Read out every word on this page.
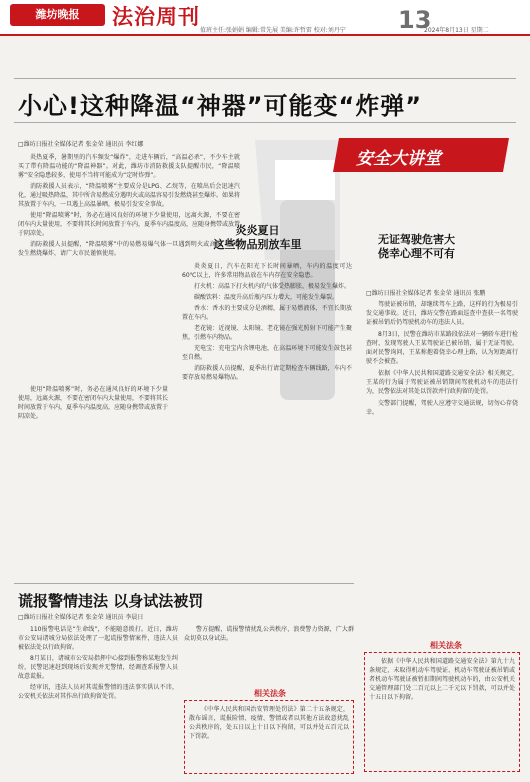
潍坊晚报	法治周刊	13
值班主任:张娟娟 编辑:常先展 美编:许哲雷 校对:刘丹宁	2024年8月13日 星期二
小心!这种降温“神器”可能变“炸弹”
□潍坊日报社全媒体记者 张金荣 通讯员 李红娜
安全大讲堂

炎热夏季，暑期里的汽车频发“爆炸”，走进车辆后，“高温必杀”，不少车主就买了带有降温功能的“降温神器”。对此，潍坊市消防救援支队提醒市民，“降温喷雾”安全隐患较多，使用不当将可能成为“定时炸弹”。

消防救援人员表示，“降温喷雾”主要成分是LPG、乙烷等，在喷出后会迅速汽化，通过吸热降温，其中所含易燃成分遇明火或高温容易引发燃烧甚至爆炸。如果将其放置于车内，一旦遇上高温暴晒，极易引发安全事故。

使用“降温喷雾”时，务必在通风良好的环境下少量使用，远离火源，不要在密闭车内大量使用，不要将其长时间放置于车内，夏季车内温度高，应随身携带或放置于阴凉处。

消防救援人员提醒，“降温喷雾”中的易燃易爆气体一旦遇到明火或高温，极易发生燃烧爆炸，请广大市民谨慎使用。

使用“降温喷雾”时，务必在通风良好的环境下少量使用，远离火源，不要在密闭车内大量使用，不要将其长时间放置于车内，夏季车内温度高，应随身携带或放置于阴凉处。

炎炎夏日
这些物品别放车里

炎炎夏日，汽车在阳光下长时间暴晒，车内的温度可达60℃以上，许多常用物品放在车内存在安全隐患。

打火机：高温下打火机内的气体受热膨胀，极易发生爆炸。

碳酸饮料：温度升高后瓶内压力增大，可能发生爆裂。

香水：香水的主要成分是酒精，属于易燃液体，不宜长期放置在车内。

老花镜：近视镜、太阳镜、老花镜在强光照射下可能产生聚焦，引燃车内物品。

充电宝：充电宝内含锂电池，在高温环境下可能发生鼓包甚至自燃。

消防救援人员提醒，夏季出行请定期检查车辆线路，车内不要存放易燃易爆物品。

无证驾驶危害大
侥幸心理不可有
□潍坊日报社全媒体记者 张金荣 通讯员 张鹏

驾驶证被吊销，却继续驾车上路，这样的行为极易引发交通事故。近日，潍坊交警在路面巡查中查获一名驾驶证被吊销后仍驾驶机动车的违法人员。

8月3日，民警在潍坊市某路段依法对一辆轿车进行检查时，发现驾驶人王某驾驶证已被吊销，属于无证驾驶。面对民警询问，王某称抱着侥幸心理上路，认为短距离行驶不会被查。

依据《中华人民共和国道路交通安全法》相关规定，王某的行为属于驾驶证被吊销期间驾驶机动车的违法行为，民警依法对其处以罚款并行政拘留的处罚。

交警部门提醒，驾驶人应遵守交通法规，切勿心存侥幸。

相关法条

依据《中华人民共和国道路交通安全法》第九十九条规定，未取得机动车驾驶证、机动车驾驶证被吊销或者机动车驾驶证被暂扣期间驾驶机动车的，由公安机关交通管理部门处二百元以上二千元以下罚款，可以并处十五日以下拘留。

谎报警情违法 以身试法被罚
□潍坊日报社全媒体记者 张金荣 通讯员 李晨日

110报警电话是“生命线”，不能随意拨打。近日，潍坊市公安局诸城分局依法处理了一起谎报警情案件，违法人员被依法处以行政拘留。

8月某日，诸城市公安局指挥中心接到报警称某地发生纠纷，民警迅速赶到现场后发现并无警情，经调查系报警人员故意谎报。

经审讯，违法人员对其谎报警情的违法事实供认不讳，公安机关依法对其作出行政拘留处罚。

警方提醒，谎报警情扰乱公共秩序，浪费警力资源，广大群众切莫以身试法。

相关法条

《中华人民共和国治安管理处罚法》第二十五条规定，散布谣言，谎报险情、疫情、警情或者以其他方法故意扰乱公共秩序的，处五日以上十日以下拘留，可以并处五百元以下罚款。
